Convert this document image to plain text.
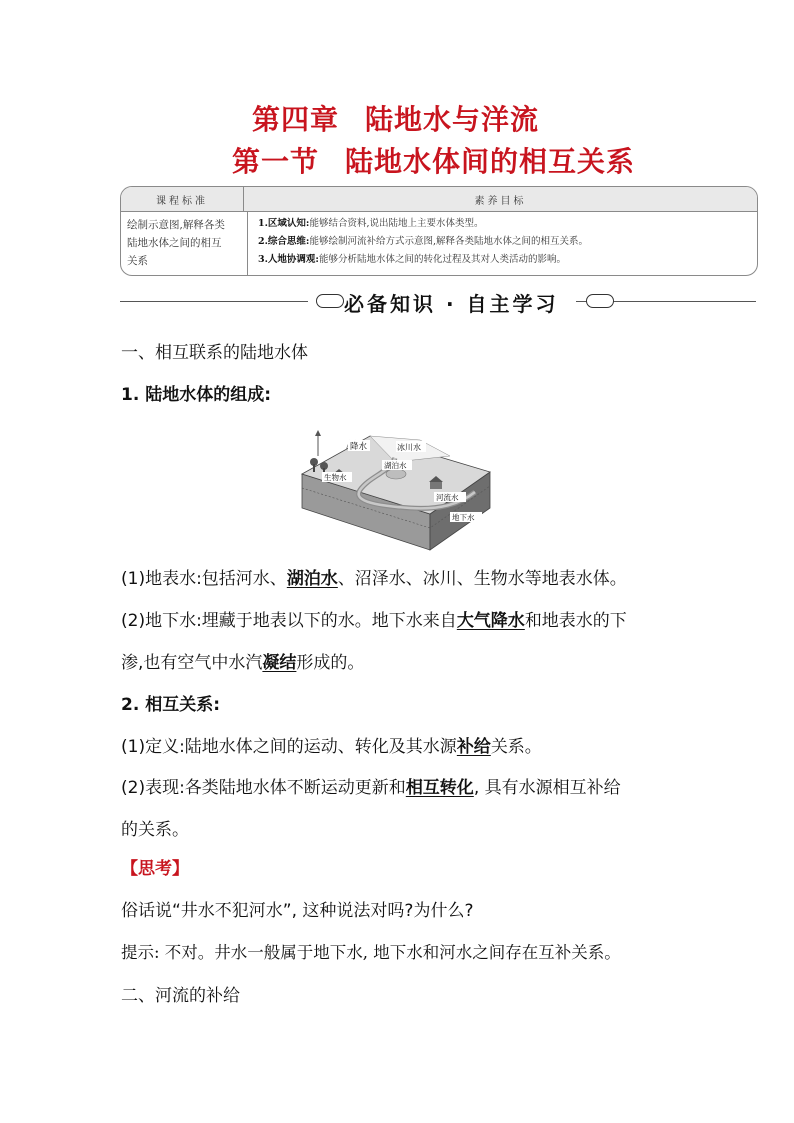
第四章 陆地水与洋流
第一节 陆地水体间的相互关系
课程标准	素养目标
绘制示意图,解释各类
陆地水体之间的相互
关系
1.区域认知:能够结合资料,说出陆地上主要水体类型。
2.综合思维:能够绘制河流补给方式示意图,解释各类陆地水体之间的相互关系。
3.人地协调观:能够分析陆地水体之间的转化过程及其对人类活动的影响。
必备知识 · 自主学习
一、相互联系的陆地水体
1. 陆地水体的组成:
降水	冰川水
湖泊水
生物水
河流水
地下水
(1)地表水:包括河水、湖泊水、沼泽水、冰川、生物水等地表水体。
(2)地下水:埋藏于地表以下的水。地下水来自大气降水和地表水的下
渗,也有空气中水汽凝结形成的。
2. 相互关系:
(1)定义:陆地水体之间的运动、转化及其水源补给关系。
(2)表现:各类陆地水体不断运动更新和相互转化, 具有水源相互补给
的关系。
【思考】
俗话说“井水不犯河水”, 这种说法对吗?为什么?
提示: 不对。井水一般属于地下水, 地下水和河水之间存在互补关系。
二、河流的补给
